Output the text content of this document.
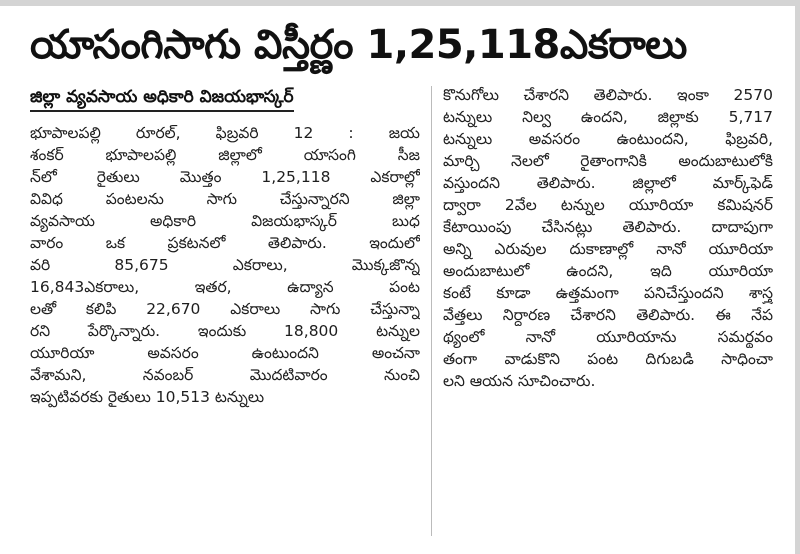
యాసంగిసాగు విస్తీర్ణం 1,25,118ఎకరాలు
జిల్లా వ్యవసాయ అధికారి విజయభాస్కర్
భూపాలపల్లి రూరల్, ఫిబ్రవరి 12 : జయ
శంకర్ భూపాలపల్లి జిల్లాలో యాసంగి సీజ
న్‌లో రైతులు మొత్తం 1,25,118 ఎకరాల్లో
వివిధ పంటలను సాగు చేస్తున్నారని జిల్లా
వ్యవసాయ అధికారి విజయభాస్కర్ బుధ
వారం ఒక ప్రకటనలో తెలిపారు. ఇందులో
వరి 85,675 ఎకరాలు, మొక్కజొన్న
16,843ఎకరాలు, ఇతర, ఉద్యాన పంట
లతో కలిపి 22,670 ఎకరాలు సాగు చేస్తున్నా
రని పేర్కొన్నారు. ఇందుకు 18,800 టన్నుల
యూరియా అవసరం ఉంటుందని అంచనా
వేశామని, నవంబర్ మొదటివారం నుంచి
ఇప్పటివరకు రైతులు 10,513 టన్నులు
కొనుగోలు చేశారని తెలిపారు. ఇంకా 2570
టన్నులు నిల్వ ఉందని, జిల్లాకు 5,717
టన్నులు అవసరం ఉంటుందని, ఫిబ్రవరి,
మార్చి నెలలో రైతాంగానికి అందుబాటులోకి
వస్తుందని తెలిపారు. జిల్లాలో మార్క్‌ఫెడ్
ద్వారా 2వేల టన్నుల యూరియా కమిషనర్
కేటాయింపు చేసినట్లు తెలిపారు. దాదాపుగా
అన్ని ఎరువుల దుకాణాల్లో నానో యూరియా
అందుబాటులో ఉందని, ఇది యూరియా
కంటే కూడా ఉత్తమంగా పనిచేస్తుందని శాస్త్ర
వేత్తలు నిర్ధారణ చేశారని తెలిపారు. ఈ నేప
థ్యంలో నానో యూరియాను సమర్థవం
తంగా వాడుకొని పంట దిగుబడి సాధించా
లని ఆయన సూచించారు.
